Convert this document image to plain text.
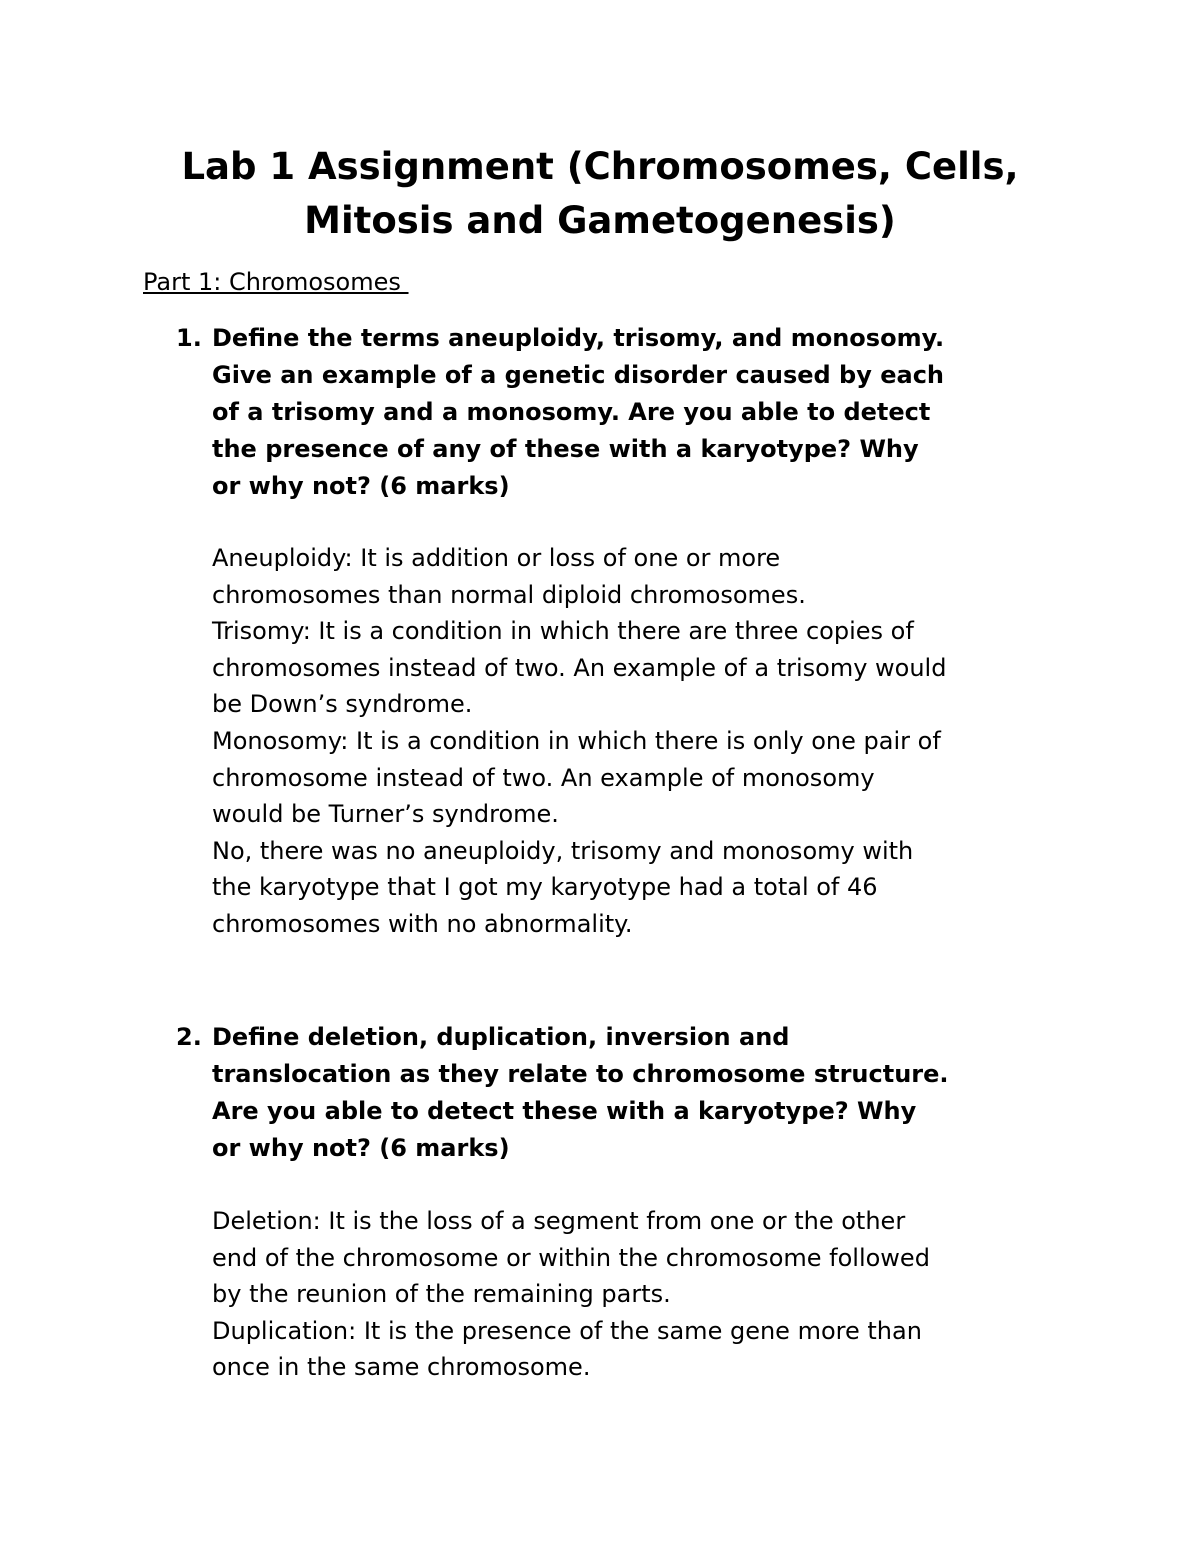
Lab 1 Assignment (Chromosomes, Cells,
Mitosis and Gametogenesis)
Part 1: Chromosomes
1. Define the terms aneuploidy, trisomy, and monosomy.
Give an example of a genetic disorder caused by each
of a trisomy and a monosomy. Are you able to detect
the presence of any of these with a karyotype? Why
or why not? (6 marks)
Aneuploidy: It is addition or loss of one or more
chromosomes than normal diploid chromosomes.
Trisomy: It is a condition in which there are three copies of
chromosomes instead of two. An example of a trisomy would
be Down’s syndrome.
Monosomy: It is a condition in which there is only one pair of
chromosome instead of two. An example of monosomy
would be Turner’s syndrome.
No, there was no aneuploidy, trisomy and monosomy with
the karyotype that I got my karyotype had a total of 46
chromosomes with no abnormality.
2. Define deletion, duplication, inversion and
translocation as they relate to chromosome structure.
Are you able to detect these with a karyotype? Why
or why not? (6 marks)
Deletion: It is the loss of a segment from one or the other
end of the chromosome or within the chromosome followed
by the reunion of the remaining parts.
Duplication: It is the presence of the same gene more than
once in the same chromosome.
